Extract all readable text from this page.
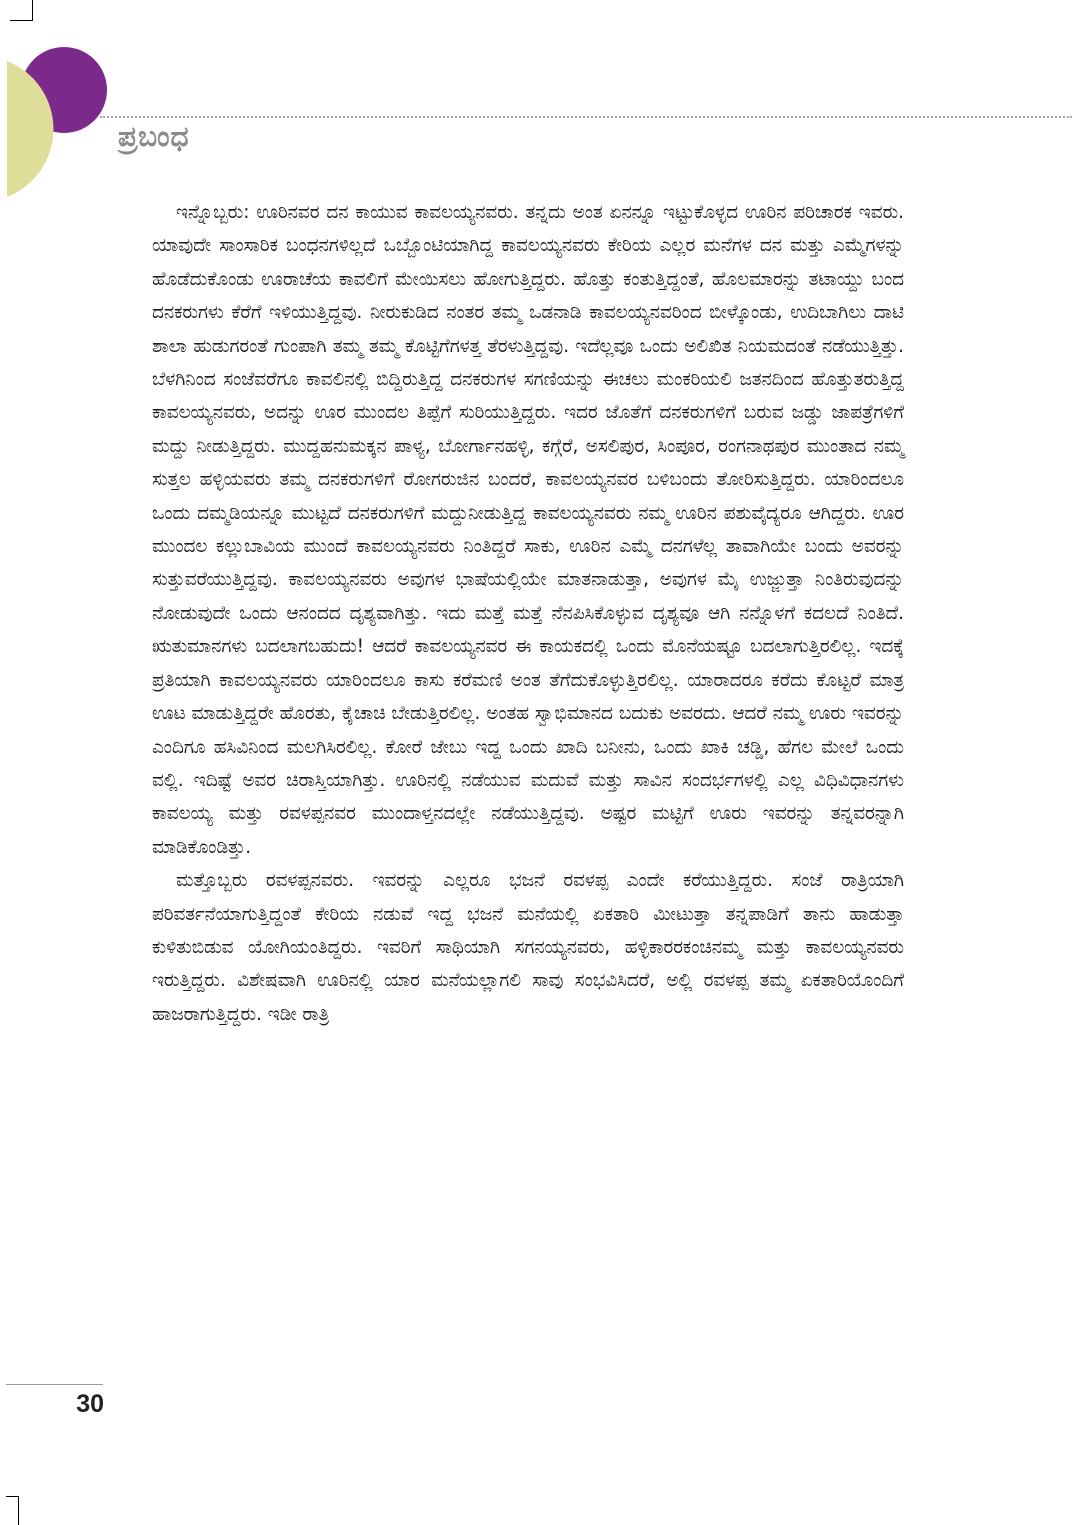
ಪ್ರಬಂಧ

ಇನ್ನೊಬ್ಬರು: ಊರಿನವರ ದನ ಕಾಯುವ ಕಾವಲಯ್ಯನವರು. ತನ್ನದು ಅಂತ ಏನನ್ನೂ ಇಟ್ಟುಕೊಳ್ಳದ ಊರಿನ ಪರಿಚಾರಕ ಇವರು. ಯಾವುದೇ ಸಾಂಸಾರಿಕ ಬಂಧನಗಳಿಲ್ಲದೆ ಒಬ್ಬೊಂಟಿಯಾಗಿದ್ದ ಕಾವಲಯ್ಯನವರು ಕೇರಿಯ ಎಲ್ಲರ ಮನೆಗಳ ದನ ಮತ್ತು ಎಮ್ಮೆಗಳನ್ನು ಹೊಡೆದುಕೊಂಡು ಊರಾಚೆಯ ಕಾವಲಿಗೆ ಮೇಯಿಸಲು ಹೋಗುತ್ತಿದ್ದರು. ಹೊತ್ತು ಕಂತುತ್ತಿದ್ದಂತೆ, ಹೊಲಮಾರನ್ನು ತಟಾಯ್ದು ಬಂದ ದನಕರುಗಳು ಕೆರೆಗೆ ಇಳಿಯುತ್ತಿದ್ದವು. ನೀರುಕುಡಿದ ನಂತರ ತಮ್ಮ ಒಡನಾಡಿ ಕಾವಲಯ್ಯನವರಿಂದ ಬೀಳ್ಕೊಂಡು, ಉದಿಬಾಗಿಲು ದಾಟಿ ಶಾಲಾ ಹುಡುಗರಂತೆ ಗುಂಪಾಗಿ ತಮ್ಮ ತಮ್ಮ ಕೊಟ್ಟಿಗೆಗಳತ್ತ ತೆರಳುತ್ತಿದ್ದವು. ಇದೆಲ್ಲವೂ ಒಂದು ಅಲಿಖಿತ ನಿಯಮದಂತೆ ನಡೆಯುತ್ತಿತ್ತು. ಬೆಳಗಿನಿಂದ ಸಂಜೆವರೆಗೂ ಕಾವಲಿನಲ್ಲಿ ಬಿದ್ದಿರುತ್ತಿದ್ದ ದನಕರುಗಳ ಸಗಣಿಯನ್ನು ಈಚಲು ಮಂಕರಿಯಲಿ ಜತನದಿಂದ ಹೊತ್ತುತರುತ್ತಿದ್ದ ಕಾವಲಯ್ಯನವರು, ಅದನ್ನು ಊರ ಮುಂದಲ ತಿಪ್ಪೆಗೆ ಸುರಿಯುತ್ತಿದ್ದರು. ಇದರ ಜೊತೆಗೆ ದನಕರುಗಳಿಗೆ ಬರುವ ಜಡ್ಡು ಜಾಪತ್ರೆಗಳಿಗೆ ಮದ್ದು ನೀಡುತ್ತಿದ್ದರು. ಮುದ್ದಹನುಮಕ್ಕನ ಪಾಳ್ಯ, ಬೋರ್ಗಾನಹಳ್ಳಿ, ಕಗ್ಗೆರೆ, ಅಸಲಿಪುರ, ಸಿಂಪೂರ, ರಂಗನಾಥಪುರ ಮುಂತಾದ ನಮ್ಮ ಸುತ್ತಲ ಹಳ್ಳಿಯವರು ತಮ್ಮ ದನಕರುಗಳಿಗೆ ರೋಗರುಜಿನ ಬಂದರೆ, ಕಾವಲಯ್ಯನವರ ಬಳಿಬಂದು ತೋರಿಸುತ್ತಿದ್ದರು. ಯಾರಿಂದಲೂ ಒಂದು ದಮ್ಮಡಿಯನ್ನೂ ಮುಟ್ಟದೆ ದನಕರುಗಳಿಗೆ ಮದ್ದುನೀಡುತ್ತಿದ್ದ ಕಾವಲಯ್ಯನವರು ನಮ್ಮ ಊರಿನ ಪಶುವೈದ್ಯರೂ ಆಗಿದ್ದರು. ಊರ ಮುಂದಲ ಕಲ್ಲುಬಾವಿಯ ಮುಂದೆ ಕಾವಲಯ್ಯನವರು ನಿಂತಿದ್ದರೆ ಸಾಕು, ಊರಿನ ಎಮ್ಮೆ ದನಗಳೆಲ್ಲ ತಾವಾಗಿಯೇ ಬಂದು ಅವರನ್ನು ಸುತ್ತುವರೆಯುತ್ತಿದ್ದವು. ಕಾವಲಯ್ಯನವರು ಅವುಗಳ ಭಾಷೆಯಲ್ಲಿಯೇ ಮಾತನಾಡುತ್ತಾ, ಅವುಗಳ ಮೈ ಉಜ್ಜುತ್ತಾ ನಿಂತಿರುವುದನ್ನು ನೋಡುವುದೇ ಒಂದು ಆನಂದದ ದೃಶ್ಯವಾಗಿತ್ತು. ಇದು ಮತ್ತೆ ಮತ್ತೆ ನೆನಪಿಸಿಕೊಳ್ಳುವ ದೃಶ್ಯವೂ ಆಗಿ ನನ್ನೊಳಗೆ ಕದಲದೆ ನಿಂತಿದೆ. ಋತುಮಾನಗಳು ಬದಲಾಗಬಹುದು! ಆದರೆ ಕಾವಲಯ್ಯನವರ ಈ ಕಾಯಕದಲ್ಲಿ ಒಂದು ಮೊನೆಯಷ್ಟೂ ಬದಲಾಗುತ್ತಿರಲಿಲ್ಲ. ಇದಕ್ಕೆ ಪ್ರತಿಯಾಗಿ ಕಾವಲಯ್ಯನವರು ಯಾರಿಂದಲೂ ಕಾಸು ಕರೆಮಣಿ ಅಂತ ತೆಗೆದುಕೊಳ್ಳುತ್ತಿರಲಿಲ್ಲ. ಯಾರಾದರೂ ಕರೆದು ಕೊಟ್ಟರೆ ಮಾತ್ರ ಊಟ ಮಾಡುತ್ತಿದ್ದರೇ ಹೊರತು, ಕೈಚಾಚಿ ಬೇಡುತ್ತಿರಲಿಲ್ಲ. ಅಂತಹ ಸ್ವಾಭಿಮಾನದ ಬದುಕು ಅವರದು. ಆದರೆ ನಮ್ಮ ಊರು ಇವರನ್ನು ಎಂದಿಗೂ ಹಸಿವಿನಿಂದ ಮಲಗಿಸಿರಲಿಲ್ಲ. ಕೋರೆ ಜೇಬು ಇದ್ದ ಒಂದು ಖಾದಿ ಬನೀನು, ಒಂದು ಖಾಕಿ ಚಡ್ಡಿ, ಹೆಗಲ ಮೇಲೆ ಒಂದು ವಲ್ಲಿ. ಇದಿಷ್ಟೆ ಅವರ ಚಿರಾಸ್ತಿಯಾಗಿತ್ತು. ಊರಿನಲ್ಲಿ ನಡೆಯುವ ಮದುವೆ ಮತ್ತು ಸಾವಿನ ಸಂದರ್ಭಗಳಲ್ಲಿ ಎಲ್ಲ ವಿಧಿವಿಧಾನಗಳು ಕಾವಲಯ್ಯ ಮತ್ತು ರವಳಪ್ಪನವರ ಮುಂದಾಳ್ತನದಲ್ಲೇ ನಡೆಯುತ್ತಿದ್ದವು. ಅಷ್ಟರ ಮಟ್ಟಿಗೆ ಊರು ಇವರನ್ನು ತನ್ನವರನ್ನಾಗಿ ಮಾಡಿಕೊಂಡಿತ್ತು.

ಮತ್ತೊಬ್ಬರು ರವಳಪ್ಪನವರು. ಇವರನ್ನು ಎಲ್ಲರೂ ಭಜನೆ ರವಳಪ್ಪ ಎಂದೇ ಕರೆಯುತ್ತಿದ್ದರು. ಸಂಜೆ ರಾತ್ರಿಯಾಗಿ ಪರಿವರ್ತನೆಯಾಗುತ್ತಿದ್ದಂತೆ ಕೇರಿಯ ನಡುವೆ ಇದ್ದ ಭಜನೆ ಮನೆಯಲ್ಲಿ ಏಕತಾರಿ ಮೀಟುತ್ತಾ ತನ್ನಪಾಡಿಗೆ ತಾನು ಹಾಡುತ್ತಾ ಕುಳಿತುಬಿಡುವ ಯೋಗಿಯಂತಿದ್ದರು. ಇವರಿಗೆ ಸಾಥಿಯಾಗಿ ಸಗನಯ್ಯನವರು, ಹಳ್ಳಿಕಾರರಕಂಚಿನಮ್ಮ ಮತ್ತು ಕಾವಲಯ್ಯನವರು ಇರುತ್ತಿದ್ದರು. ವಿಶೇಷವಾಗಿ ಊರಿನಲ್ಲಿ ಯಾರ ಮನೆಯಲ್ಲಾಗಲಿ ಸಾವು ಸಂಭವಿಸಿದರೆ, ಅಲ್ಲಿ ರವಳಪ್ಪ ತಮ್ಮ ಏಕತಾರಿಯೊಂದಿಗೆ ಹಾಜರಾಗುತ್ತಿದ್ದರು. ಇಡೀ ರಾತ್ರಿ

30
